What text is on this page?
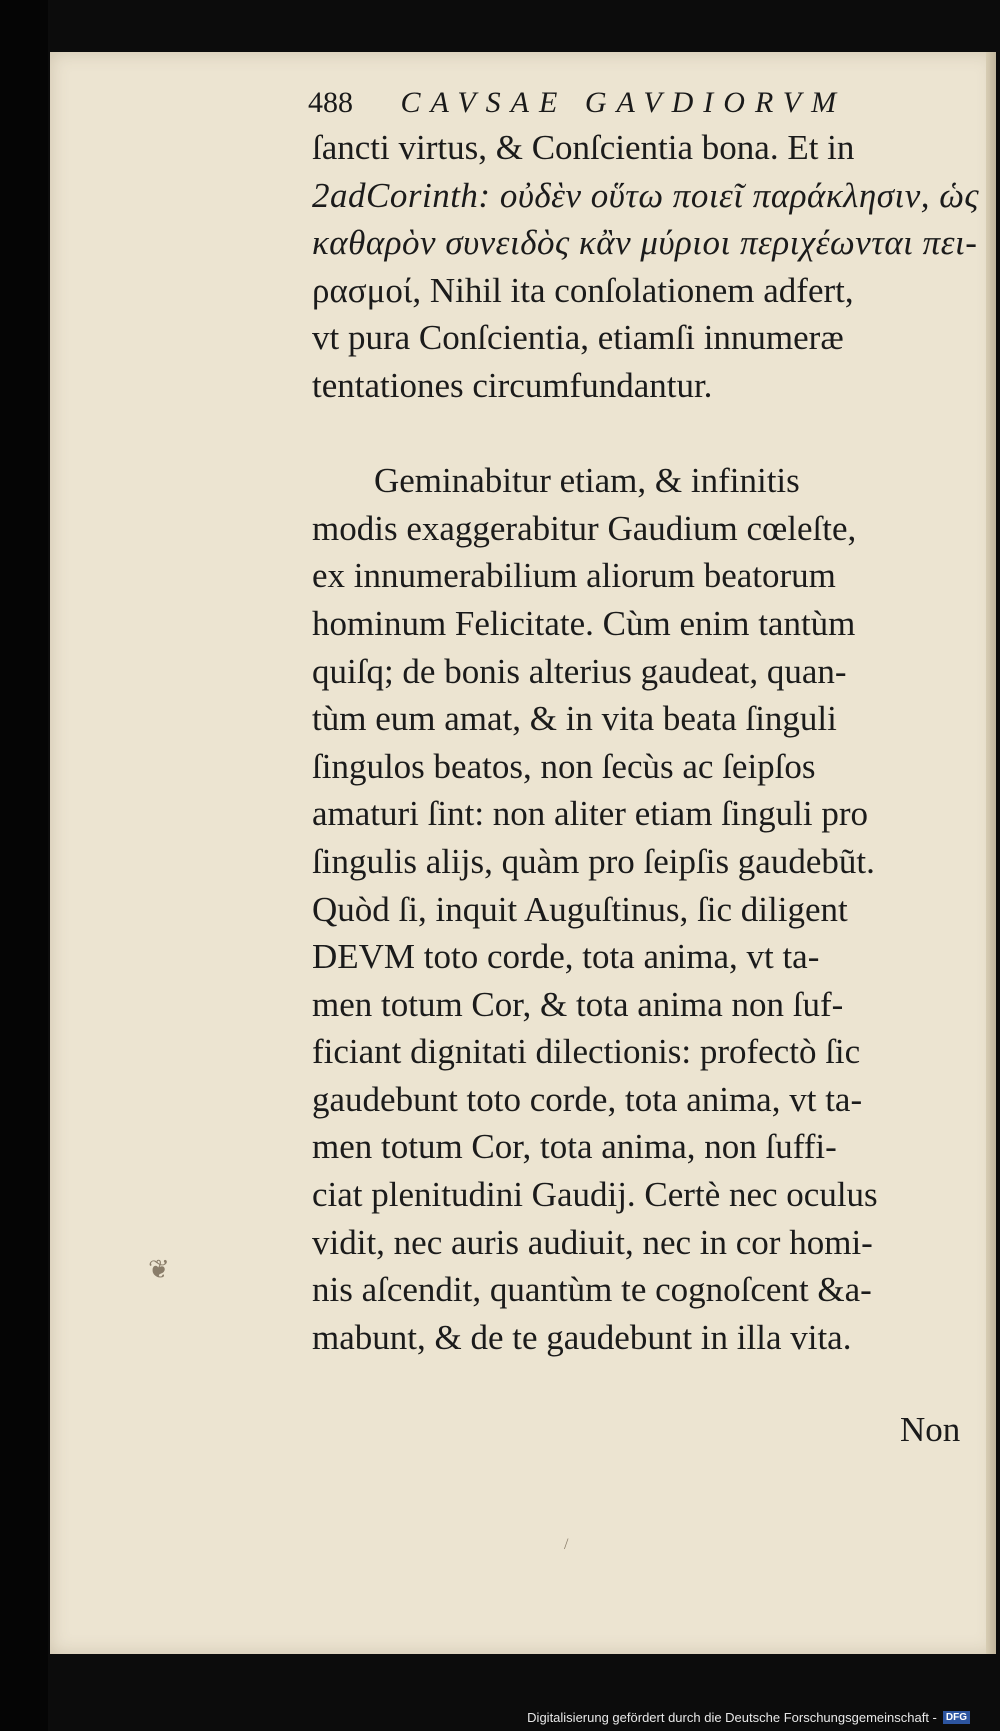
488 CAVSAE GAVDIORVM
ſancti virtus, & Conſcientia bona. Et in
2adCorinth: οὐδὲν οὕτω ποιεῖ παράκλησιν, ὡς
καθαρὸν συνειδὸς κἂν μύριοι περιχέωνται πει-
ρασμοί, Nihil ita conſolationem adfert,
vt pura Conſcientia, etiamſi innumeræ
tentationes circumfundantur.
Geminabitur etiam, & infinitis
modis exaggerabitur Gaudium cœleſte,
ex innumerabilium aliorum beatorum
hominum Felicitate. Cùm enim tantùm
quiſq; de bonis alterius gaudeat, quan-
tùm eum amat, & in vita beata ſinguli
ſingulos beatos, non ſecùs ac ſeipſos
amaturi ſint: non aliter etiam ſinguli pro
ſingulis alijs, quàm pro ſeipſis gaudebũt.
Quòd ſi, inquit Auguſtinus, ſic diligent
DEVM toto corde, tota anima, vt ta-
men totum Cor, & tota anima non ſuf-
ficiant dignitati dilectionis: profectò ſic
gaudebunt toto corde, tota anima, vt ta-
men totum Cor, tota anima, non ſuffi-
ciat plenitudini Gaudij. Certè nec oculus
vidit, nec auris audiuit, nec in cor homi-
nis aſcendit, quantùm te cognoſcent &a-
mabunt, & de te gaudebunt in illa vita.
Non
❦
/
Digitalisierung gefördert durch die Deutsche Forschungsgemeinschaft - DFG
